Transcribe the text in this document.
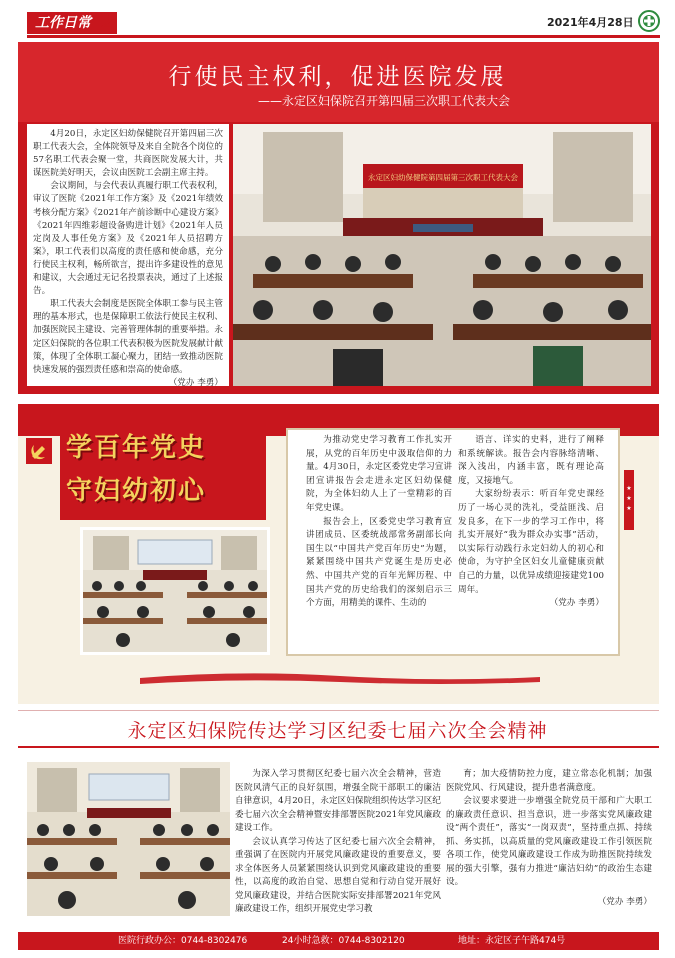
工作日常 2	2021年4月28日
行使民主权利，促进医院发展
——永定区妇保院召开第四届三次职工代表大会

4月20日，永定区妇幼保健院召开第四届三次职工代表大会，全体院领导及来自全院各个岗位的57名职工代表会聚一堂，共商医院发展大计，共谋医院美好明天，会议由医院工会副主席主持。

会议期间，与会代表认真履行职工代表权利，审议了医院《2021年工作方案》及《2021年绩效考核分配方案》《2021年产前诊断中心建设方案》《2021年四维彩超设备购进计划》《2021年人员定岗及人事任免方案》及《2021年人员招聘方案》，职工代表们以高度的责任感和使命感，充分行使民主权利，畅所欲言，提出许多建设性的意见和建议，大会通过无记名投票表决，通过了上述报告。

职工代表大会制度是医院全体职工参与民主管理的基本形式，也是保障职工依法行使民主权利、加强医院民主建设、完善管理体制的重要举措。永定区妇保院的各位职工代表积极为医院发展献计献策，体现了全体职工凝心聚力，团结一致推动医院快速发展的强烈责任感和崇高的使命感。

（党办 李勇）
永定区妇幼保健院第四届第三次职工代表大会
学百年党史
守妇幼初心

为推动党史学习教育工作扎实开展，从党的百年历史中汲取信仰的力量。4月30日，永定区委党史学习宣讲团宣讲报告会走进永定区妇幼保健院，为全体妇幼人上了一堂精彩的百年党史课。

报告会上，区委党史学习教育宣讲团成员、区委统战部常务副部长向国生以“中国共产党百年历史”为题，紧紧围绕中国共产党诞生是历史必然、中国共产党的百年光辉历程、中国共产党的历史给我们的深刻启示三个方面，用精美的课件、生动的

语言、详实的史料，进行了阐释和系统解读。报告会内容脉络清晰、深入浅出，内涵丰富，既有理论高度，又接地气。

大家纷纷表示：听百年党史课经历了一场心灵的洗礼，受益匪浅、启发良多，在下一步的学习工作中，将扎实开展好“我为群众办实事”活动，以实际行动践行永定妇幼人的初心和使命，为守护全区妇女儿童健康贡献自己的力量，以优异成绩迎接建党100周年。

（党办 李勇）
★
★
★
永定区妇保院传达学习区纪委七届六次全会精神

为深入学习贯彻区纪委七届六次全会精神，营造医院风清气正的良好氛围，增强全院干部职工的廉洁自律意识，4月20日，永定区妇保院组织传达学习区纪委七届六次全会精神暨安排部署医院2021年党风廉政建设工作。

会议认真学习传达了区纪委七届六次全会精神，重强调了在医院内开展党风廉政建设的重要意义，要求全体医务人员紧紧围绕认识到党风廉政建设的重要性，以高度的政治自觉、思想自觉和行动自觉开展好党风廉政建设，并结合医院实际安排部署2021年党风廉政建设工作，组织开展党史学习教

育；加大疫情防控力度，建立常态化机制；加强医院党风、行风建设，提升患者满意度。

会议要求要进一步增强全院党员干部和广大职工的廉政责任意识、担当意识，进一步落实党风廉政建设“两个责任”，落实“一岗双责”，坚持重点抓、持续抓、务实抓，以高质量的党风廉政建设工作引领医院各项工作，使党风廉政建设工作成为助推医院持续发展的强大引擎，强有力推进“廉洁妇幼”的政治生态建设。

（党办 李勇）
医院行政办公：0744-8302476	24小时急救：0744-8302120	地址：永定区子午路474号
